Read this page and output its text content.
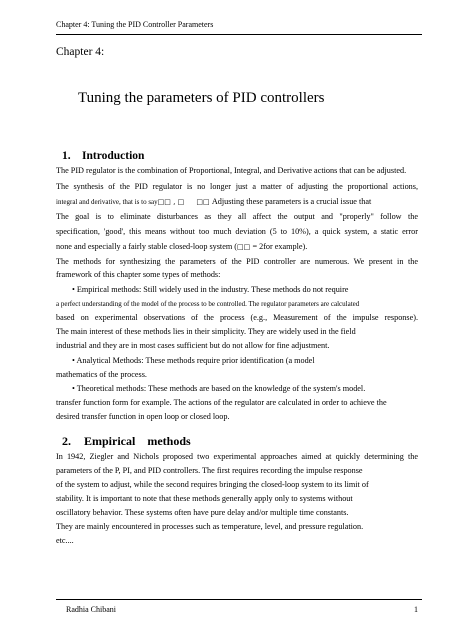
Chapter 4: Tuning the PID Controller Parameters
Chapter 4:
Tuning the parameters of PID controllers
1. Introduction
The PID regulator is the combination of Proportional, Integral, and Derivative actions that can be adjusted.
The synthesis of the PID regulator is no longer just a matter of adjusting the proportional actions,
integral and derivative, that is to say□□ , □ □□ Adjusting these parameters is a crucial issue that
The goal is to eliminate disturbances as they all affect the output and "properly" follow the
specification, 'good', this means without too much deviation (5 to 10%), a quick system, a static error
none and especially a fairly stable closed-loop system (□□ = 2for example).
The methods for synthesizing the parameters of the PID controller are numerous. We present in the
framework of this chapter some types of methods:
• Empirical methods: Still widely used in the industry. These methods do not require
a perfect understanding of the model of the process to be controlled. The regulator parameters are calculated
based on experimental observations of the process (e.g., Measurement of the impulse response).
The main interest of these methods lies in their simplicity. They are widely used in the field
industrial and they are in most cases sufficient but do not allow for fine adjustment.
• Analytical Methods: These methods require prior identification (a model
mathematics of the process.
• Theoretical methods: These methods are based on the knowledge of the system's model.
transfer function form for example. The actions of the regulator are calculated in order to achieve the
desired transfer function in open loop or closed loop.
2. Empirical    methods
In 1942, Ziegler and Nichols proposed two experimental approaches aimed at quickly determining the
parameters of the P, PI, and PID controllers. The first requires recording the impulse response
of the system to adjust, while the second requires bringing the closed-loop system to its limit of
stability. It is important to note that these methods generally apply only to systems without
oscillatory behavior. These systems often have pure delay and/or multiple time constants.
They are mainly encountered in processes such as temperature, level, and pressure regulation.
etc....
Radhia Chibani	1
